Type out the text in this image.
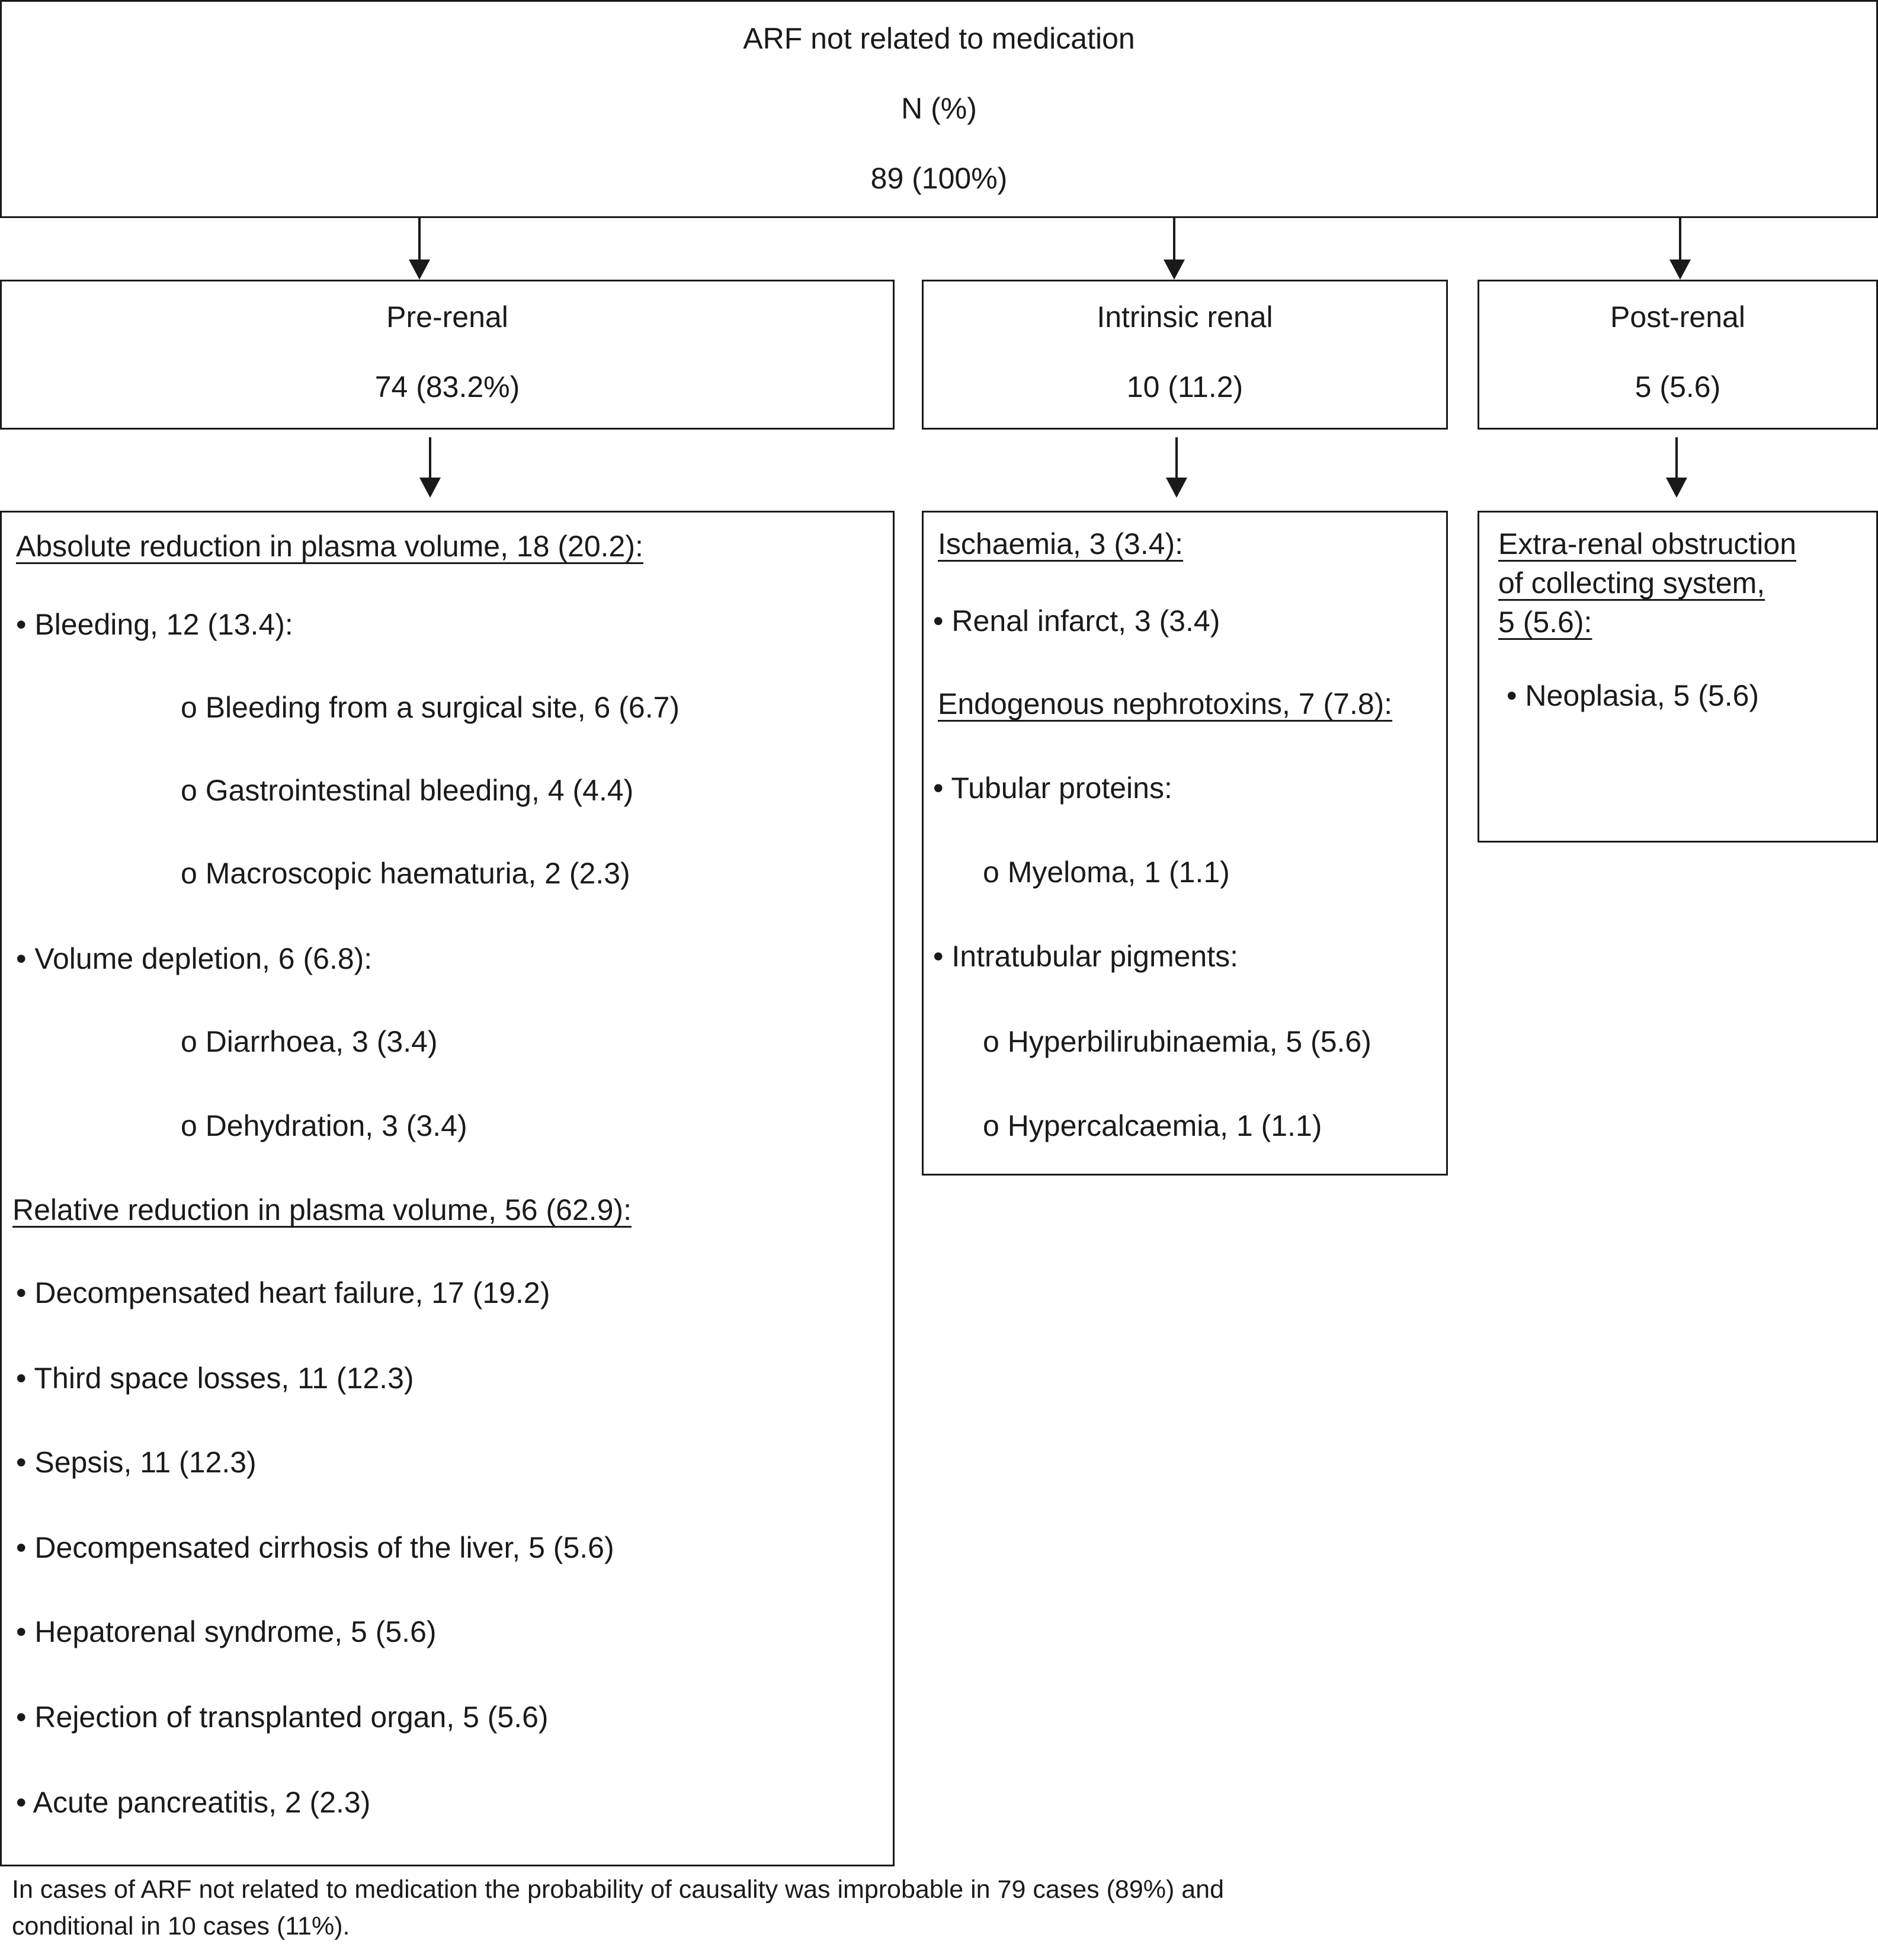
ARF not related to medication
N (%)
89 (100%)
Pre-renal
74 (83.2%)
Intrinsic renal
10 (11.2)
Post-renal
5 (5.6)
Absolute reduction in plasma volume, 18 (20.2):
• Bleeding, 12 (13.4):
o Bleeding from a surgical site, 6 (6.7)
o Gastrointestinal bleeding, 4 (4.4)
o Macroscopic haematuria, 2 (2.3)
• Volume depletion, 6 (6.8):
o Diarrhoea, 3 (3.4)
o Dehydration, 3 (3.4)
Relative reduction in plasma volume, 56 (62.9):
• Decompensated heart failure, 17 (19.2)
• Third space losses, 11 (12.3)
• Sepsis, 11 (12.3)
• Decompensated cirrhosis of the liver, 5 (5.6)
• Hepatorenal syndrome, 5 (5.6)
• Rejection of transplanted organ, 5 (5.6)
• Acute pancreatitis, 2 (2.3)
Ischaemia, 3 (3.4):
• Renal infarct, 3 (3.4)
Endogenous nephrotoxins, 7 (7.8):
• Tubular proteins:
o Myeloma, 1 (1.1)
• Intratubular pigments:
o Hyperbilirubinaemia, 5 (5.6)
o Hypercalcaemia, 1 (1.1)
Extra-renal obstruction
of collecting system,
5 (5.6):
• Neoplasia, 5 (5.6)
In cases of ARF not related to medication the probability of causality was improbable in 79 cases (89%) and
conditional in 10 cases (11%).
